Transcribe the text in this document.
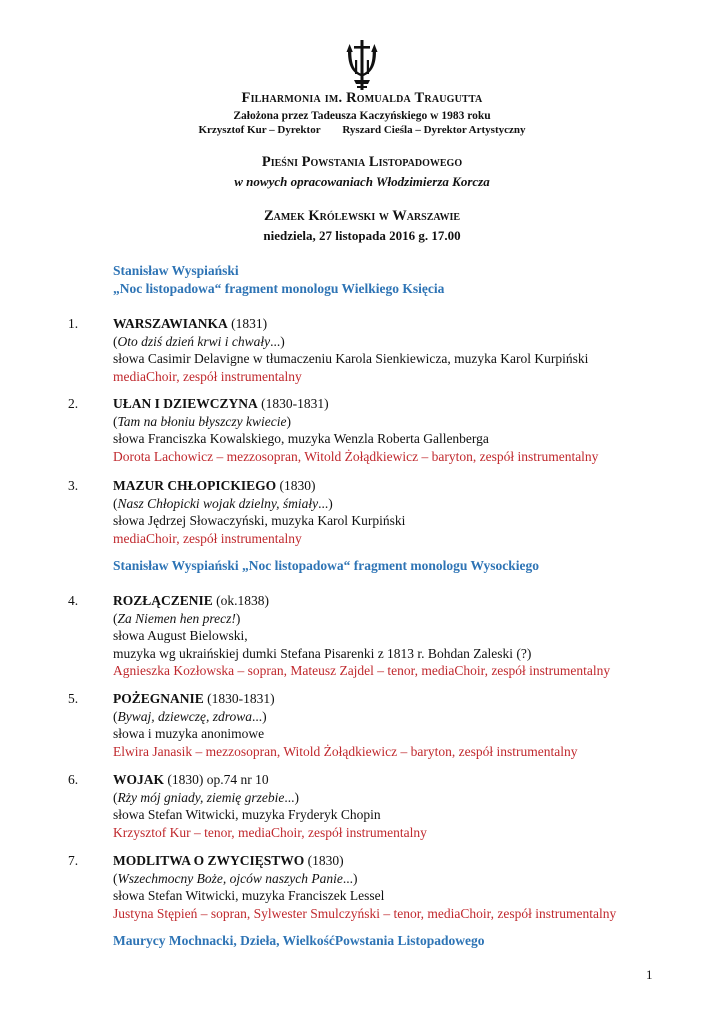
Filharmonia im. Romualda Traugutta
Założona przez Tadeusza Kaczyńskiego w 1983 roku
Krzysztof Kur – Dyrektor        Ryszard Cieśla – Dyrektor Artystyczny
Pieśni Powstania Listopadowego
w nowych opracowaniach Włodzimierza Korcza
Zamek Królewski w Warszawie
niedziela, 27 listopada 2016 g. 17.00
Stanisław Wyspiański
„Noc listopadowa“ fragment monologu Wielkiego Księcia
1.	WARSZAWIANKA (1831)
(Oto dziś dzień krwi i chwały...)
słowa Casimir Delavigne w tłumaczeniu Karola Sienkiewicza, muzyka Karol Kurpiński
mediaChoir, zespół instrumentalny
2.	UŁAN I DZIEWCZYNA (1830-1831)
(Tam na błoniu błyszczy kwiecie)
słowa Franciszka Kowalskiego, muzyka Wenzla Roberta Gallenberga
Dorota Lachowicz – mezzosopran, Witold Żołądkiewicz – baryton, zespół instrumentalny
3.	MAZUR CHŁOPICKIEGO (1830)
(Nasz Chłopicki wojak dzielny, śmiały...)
słowa Jędrzej Słowaczyński, muzyka Karol Kurpiński
mediaChoir, zespół instrumentalny
Stanisław Wyspiański „Noc listopadowa“ fragment monologu Wysockiego
4.	ROZŁĄCZENIE (ok.1838)
(Za Niemen hen precz!)
słowa August Bielowski,
muzyka wg ukraińskiej dumki Stefana Pisarenki z 1813 r. Bohdan Zaleski (?)
Agnieszka Kozłowska – sopran, Mateusz Zajdel – tenor, mediaChoir, zespół instrumentalny
5.	POŻEGNANIE (1830-1831)
(Bywaj, dziewczę, zdrowa...)
słowa i muzyka anonimowe
Elwira Janasik – mezzosopran, Witold Żołądkiewicz – baryton, zespół instrumentalny
6.	WOJAK (1830) op.74 nr 10
(Rży mój gniady, ziemię grzebie...)
słowa Stefan Witwicki, muzyka Fryderyk Chopin
Krzysztof Kur – tenor, mediaChoir, zespół instrumentalny
7.	MODLITWA O ZWYCIĘSTWO (1830)
(Wszechmocny Boże, ojców naszych Panie...)
słowa Stefan Witwicki, muzyka Franciszek Lessel
Justyna Stępień – sopran, Sylwester Smulczyński – tenor, mediaChoir, zespół instrumentalny
Maurycy Mochnacki, Dzieła, WielkośćPowstania Listopadowego
1
